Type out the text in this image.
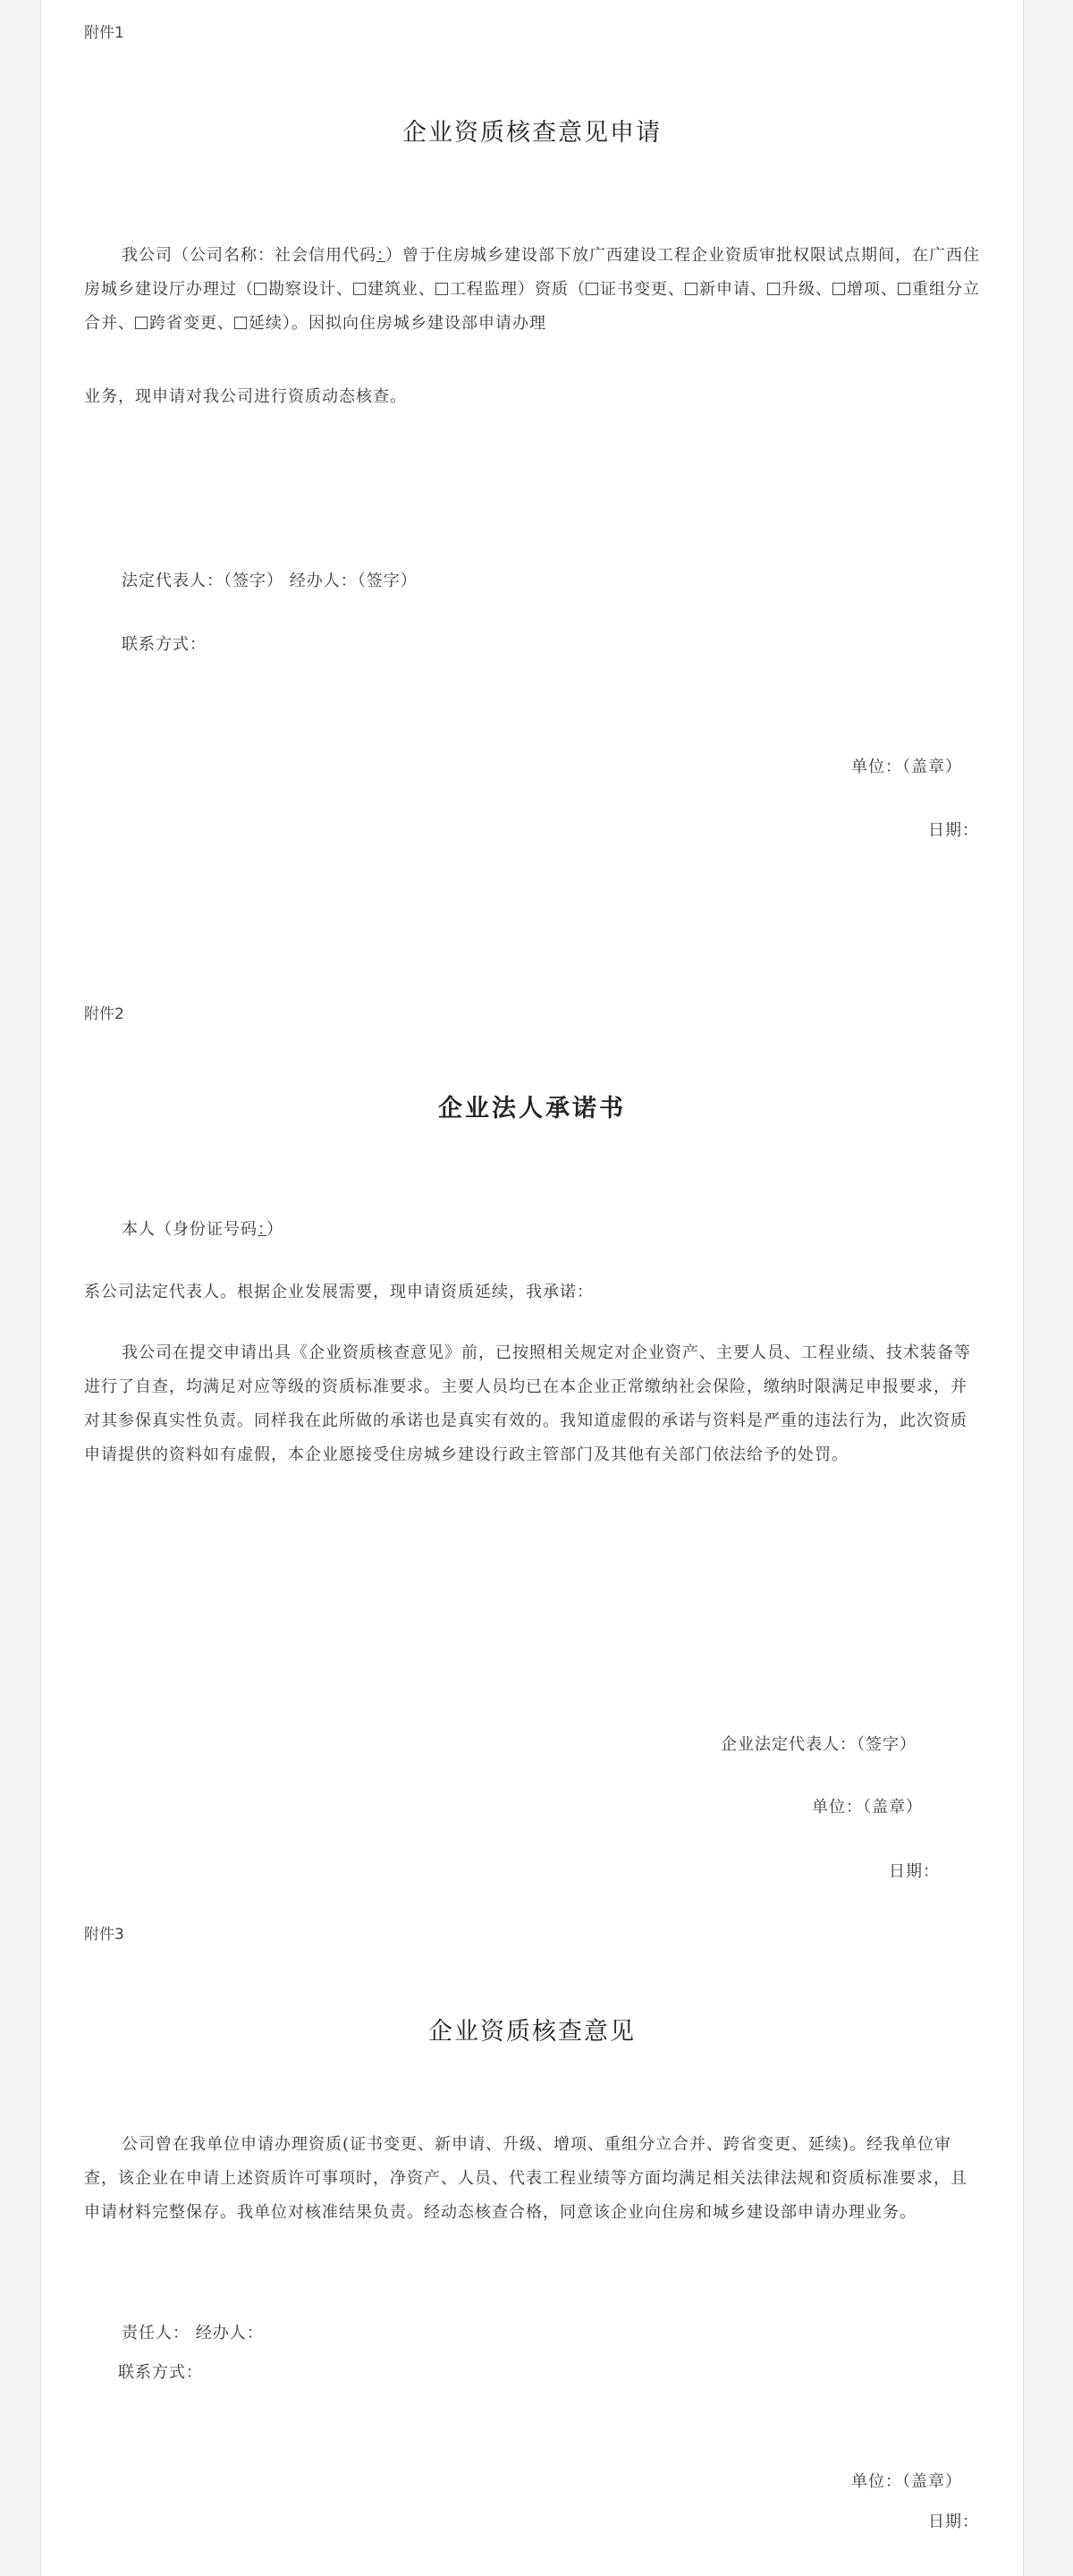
附件1
企业资质核查意见申请
我公司（公司名称：社会信用代码：）曾于住房城乡建设部下放广西建设工程企业资质审批权限试点期间，在广西住房城乡建设厅办理过（ 勘察设计、 建筑业、 工程监理）资质（ 证书变更、 新申请、 升级、 增项、 重组分立合并、 跨省变更、 延续）。因拟向住房城乡建设部申请办理
业务，现申请对我公司进行资质动态核查。
法定代表人：（签字） 经办人：（签字）
联系方式：
单位：（盖章）
日期：
附件2
企业法人承诺书
本人（身份证号码：）
系公司法定代表人。根据企业发展需要，现申请资质延续，我承诺：
我公司在提交申请出具《企业资质核查意见》前，已按照相关规定对企业资产、主要人员、工程业绩、技术装备等进行了自查，均满足对应等级的资质标准要求。主要人员均已在本企业正常缴纳社会保险，缴纳时限满足申报要求，并对其参保真实性负责。同样我在此所做的承诺也是真实有效的。我知道虚假的承诺与资料是严重的违法行为，此次资质申请提供的资料如有虚假，本企业愿接受住房城乡建设行政主管部门及其他有关部门依法给予的处罚。
企业法定代表人：（签字）
单位：（盖章）
日期：
附件3
企业资质核查意见
公司曾在我单位申请办理资质(证书变更、新申请、升级、增项、重组分立合并、跨省变更、延续)。经我单位审查，该企业在申请上述资质许可事项时，净资产、人员、代表工程业绩等方面均满足相关法律法规和资质标准要求，且申请材料完整保存。我单位对核准结果负责。经动态核查合格，同意该企业向住房和城乡建设部申请办理业务。
责任人： 经办人：
联系方式：
单位：（盖章）
日期：
